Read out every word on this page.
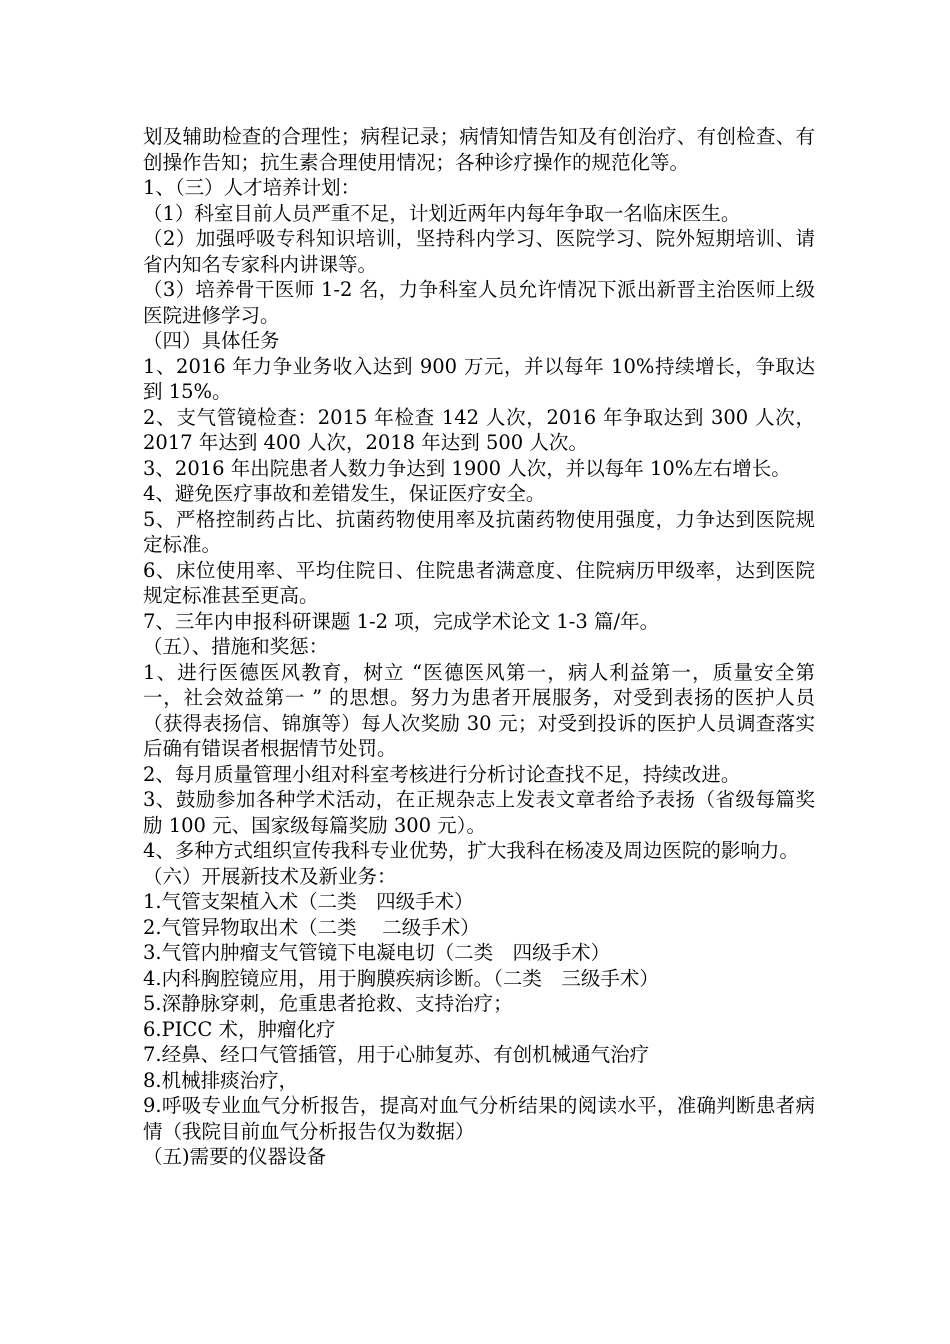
划及辅助检查的合理性；病程记录；病情知情告知及有创治疗、有创检查、有创操作告知；抗生素合理使用情况；各种诊疗操作的规范化等。

1、（三）人才培养计划：

（1）科室目前人员严重不足，计划近两年内每年争取一名临床医生。

（2）加强呼吸专科知识培训，坚持科内学习、医院学习、院外短期培训、请省内知名专家科内讲课等。

（3）培养骨干医师 1-2 名，力争科室人员允许情况下派出新晋主治医师上级医院进修学习。

（四）具体任务

1、2016 年力争业务收入达到 900 万元，并以每年 10%持续增长，争取达到 15%。

2、支气管镜检查：2015 年检查 142 人次，2016 年争取达到 300 人次，2017 年达到 400 人次，2018 年达到 500 人次。

3、2016 年出院患者人数力争达到 1900 人次，并以每年 10%左右增长。

4、避免医疗事故和差错发生，保证医疗安全。

5、严格控制药占比、抗菌药物使用率及抗菌药物使用强度，力争达到医院规定标准。

6、床位使用率、平均住院日、住院患者满意度、住院病历甲级率，达到医院规定标准甚至更高。

7、三年内申报科研课题 1-2 项，完成学术论文 1-3 篇/年。

（五）、措施和奖惩：

1、进行医德医风教育，树立 “医德医风第一，病人利益第一，质量安全第一，社会效益第一 ” 的思想。努力为患者开展服务，对受到表扬的医护人员（获得表扬信、锦旗等）每人次奖励 30 元；对受到投诉的医护人员调查落实后确有错误者根据情节处罚。

2、每月质量管理小组对科室考核进行分析讨论查找不足，持续改进。

3、鼓励参加各种学术活动，在正规杂志上发表文章者给予表扬（省级每篇奖励 100 元、国家级每篇奖励 300 元）。

4、多种方式组织宣传我科专业优势，扩大我科在杨凌及周边医院的影响力。

（六）开展新技术及新业务：

1.气管支架植入术（二类　四级手术）

2.气管异物取出术（二类　 二级手术）

3.气管内肿瘤支气管镜下电凝电切（二类　四级手术）

4.内科胸腔镜应用，用于胸膜疾病诊断。（二类　三级手术）

5.深静脉穿刺，危重患者抢救、支持治疗；

6.PICC 术，肿瘤化疗

7.经鼻、经口气管插管，用于心肺复苏、有创机械通气治疗

8.机械排痰治疗，

9.呼吸专业血气分析报告，提高对血气分析结果的阅读水平，准确判断患者病情（我院目前血气分析报告仅为数据）

（五)需要的仪器设备
